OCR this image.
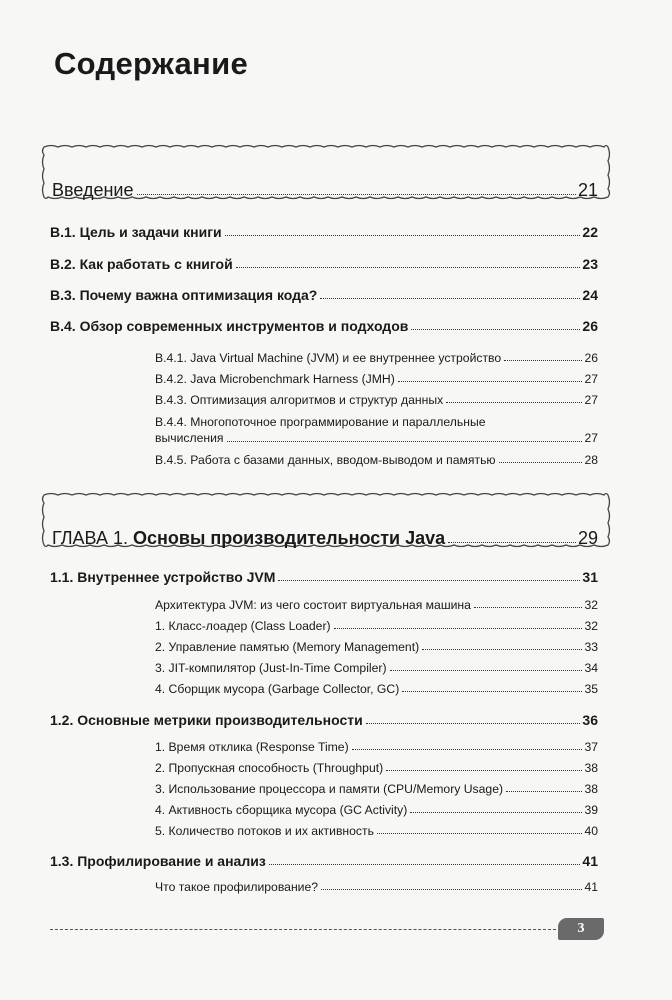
Содержание
Введение	21
В.1. Цель и задачи книги	22
В.2. Как работать с книгой	23
В.3. Почему важна оптимизация кода?	24
В.4. Обзор современных инструментов и подходов	26
В.4.1. Java Virtual Machine (JVM) и ее внутреннее устройство	26
В.4.2. Java Microbenchmark Harness (JMH)	27
В.4.3. Оптимизация алгоритмов и структур данных	27
В.4.4. Многопоточное программирование и параллельные
вычисления	27
В.4.5. Работа с базами данных, вводом-выводом и памятью	28
ГЛАВА 1. Основы производительности Java	29
1.1. Внутреннее устройство JVM	31
Архитектура JVM: из чего состоит виртуальная машина	32
1. Класс-лоадер (Class Loader)	32
2. Управление памятью (Memory Management)	33
3. JIT-компилятор (Just-In-Time Compiler)	34
4. Сборщик мусора (Garbage Collector, GC)	35
1.2. Основные метрики производительности	36
1. Время отклика (Response Time)	37
2. Пропускная способность (Throughput)	38
3. Использование процессора и памяти (CPU/Memory Usage)	38
4. Активность сборщика мусора (GC Activity)	39
5. Количество потоков и их активность	40
1.3. Профилирование и анализ	41
Что такое профилирование?	41
3
